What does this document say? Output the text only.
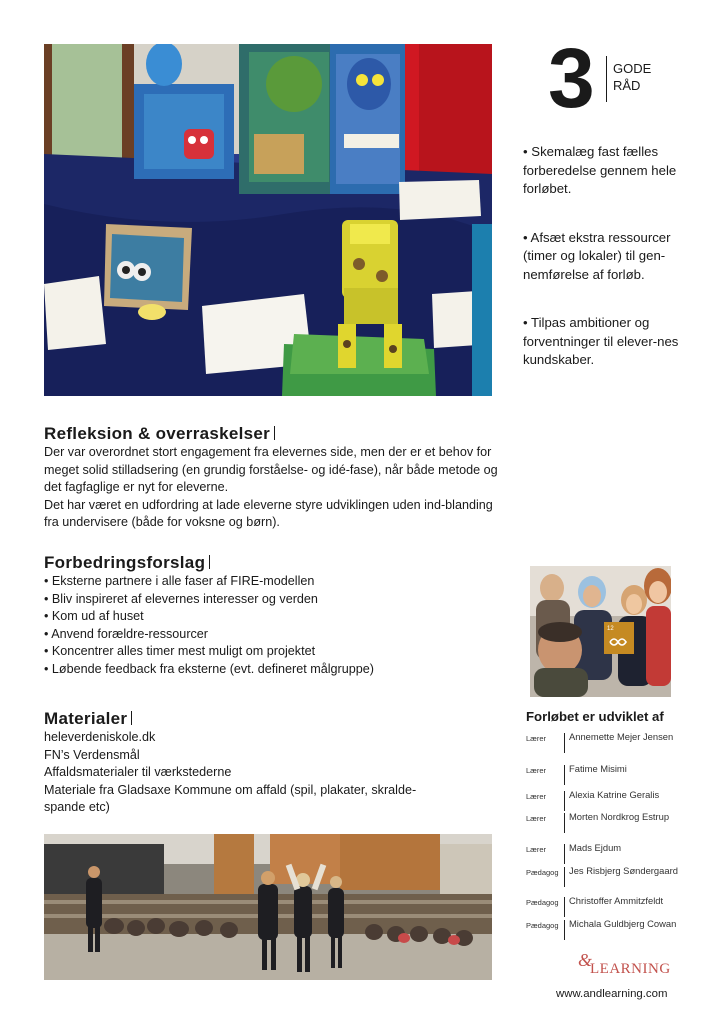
3 GODE
RÅD

• Skemalæg fast fælles forberedelse gennem hele forløbet.

• Afsæt ekstra ressourcer (timer og lokaler) til gen-nemførelse af forløb.

• Tilpas ambitioner og forventninger til elever-nes kundskaber.

Refleksion & overraskelser

Der var overordnet stort engagement fra elevernes side, men der er et behov for meget solid stilladsering (en grundig forståelse- og idé-fase), når både metode og det fagfaglige er nyt for eleverne.

Det har været en udfordring at lade eleverne styre udviklingen uden ind-blanding fra undervisere (både for voksne og børn).

Forbedringsforslag

• Eksterne partnere i alle faser af FIRE-modellen

• Bliv inspireret af elevernes interesser og verden

• Kom ud af huset

• Anvend forældre-ressourcer

• Koncentrer alles timer mest muligt om projektet

• Løbende feedback fra eksterne (evt. defineret målgruppe)

Materialer

heleverdeniskole.dk

FN’s Verdensmål

Affaldsmaterialer til værkstederne

Materiale fra Gladsaxe Kommune om affald (spil, plakater, skralde-spande etc)

12
Forløbet er udviklet af
Lærer Annemette Mejer Jensen
Lærer Fatime Misimi
Lærer Alexia Katrine Geralis
Lærer Morten Nordkrog Estrup
Lærer Mads Ejdum
Pædagog Jes Risbjerg Søndergaard
Pædagog Christoffer Ammitzfeldt
Pædagog Michala Guldbjerg Cowan
&
LEARNING
www.andlearning.com
